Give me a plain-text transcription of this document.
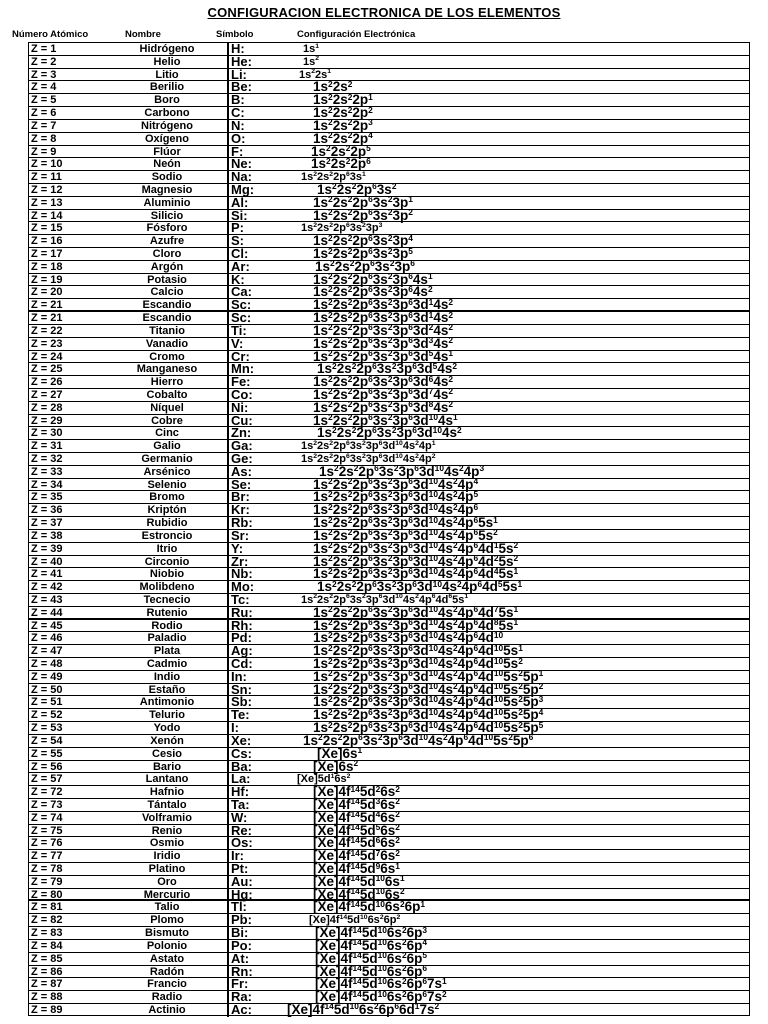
CONFIGURACION ELECTRONICA DE LOS ELEMENTOS
Número Atómico	Nombre	Símbolo	Configuración Electrónica
Z = 1	Hidrógeno	H:	$1s^1$
Z = 2	Helio	He:	$1s^2$
Z = 3	Litio	Li:	$1s^22s^1$
Z = 4	Berilio	Be:	$1s^22s^2$
Z = 5	Boro	B:	$1s^22s^22p^1$
Z = 6	Carbono	C:	$1s^22s^22p^2$
Z = 7	Nitrógeno	N:	$1s^22s^22p^3$
Z = 8	Oxígeno	O:	$1s^22s^22p^4$
Z = 9	Flúor	F:	$1s^22s^22p^5$
Z = 10	Neón	Ne:	$1s^22s^22p^6$
Z = 11	Sodio	Na:	$1s^22s^22p^63s^1$
Z = 12	Magnesio	Mg:	$1s^22s^22p^63s^2$
Z = 13	Aluminio	Al:	$1s^22s^22p^63s^23p^1$
Z = 14	Silicio	Si:	$1s^22s^22p^63s^23p^2$
Z = 15	Fósforo	P:	$1s^22s^22p^63s^23p^3$
Z = 16	Azufre	S:	$1s^22s^22p^63s^23p^4$
Z = 17	Cloro	Cl:	$1s^22s^22p^63s^23p^5$
Z = 18	Argón	Ar:	$1s^22s^22p^63s^23p^6$
Z = 19	Potasio	K:	$1s^22s^22p^63s^23p^64s^1$
Z = 20	Calcio	Ca:	$1s^22s^22p^63s^23p^64s^2$
Z = 21	Escandio	Sc:	$1s^22s^22p^63s^23p^63d^14s^2$
Z = 21	Escandio	Sc:	$1s^22s^22p^63s^23p^63d^14s^2$
Z = 22	Titanio	Ti:	$1s^22s^22p^63s^23p^63d^24s^2$
Z = 23	Vanadio	V:	$1s^22s^22p^63s^23p^63d^34s^2$
Z = 24	Cromo	Cr:	$1s^22s^22p^63s^23p^63d^54s^1$
Z = 25	Manganeso	Mn:	$1s^22s^22p^63s^23p^63d^54s^2$
Z = 26	Hierro	Fe:	$1s^22s^22p^63s^23p^63d^64s^2$
Z = 27	Cobalto	Co:	$1s^22s^22p^63s^23p^63d^74s^2$
Z = 28	Níquel	Ni:	$1s^22s^22p^63s^23p^63d^84s^2$
Z = 29	Cobre	Cu:	$1s^22s^22p^63s^23p^63d^{10}4s^1$
Z = 30	Cinc	Zn:	$1s^22s^22p^63s^23p^63d^{10}4s^2$
Z = 31	Galio	Ga:	$1s^22s^22p^63s^23p^63d^{10}4s^24p^1$
Z = 32	Germanio	Ge:	$1s^22s^22p^63s^23p^63d^{10}4s^24p^2$
Z = 33	Arsénico	As:	$1s^22s^22p^63s^23p^63d^{10}4s^24p^3$
Z = 34	Selenio	Se:	$1s^22s^22p^63s^23p^63d^{10}4s^24p^4$
Z = 35	Bromo	Br:	$1s^22s^22p^63s^23p^63d^{10}4s^24p^5$
Z = 36	Kriptón	Kr:	$1s^22s^22p^63s^23p^63d^{10}4s^24p^6$
Z = 37	Rubidio	Rb:	$1s^22s^22p^63s^23p^63d^{10}4s^24p^65s^1$
Z = 38	Estroncio	Sr:	$1s^22s^22p^63s^23p^63d^{10}4s^24p^65s^2$
Z = 39	Itrio	Y:	$1s^22s^22p^63s^23p^63d^{10}4s^24p^64d^15s^2$
Z = 40	Circonio	Zr:	$1s^22s^22p^63s^23p^63d^{10}4s^24p^64d^25s^2$
Z = 41	Niobio	Nb:	$1s^22s^22p^63s^23p^63d^{10}4s^24p^64d^45s^1$
Z = 42	Molibdeno	Mo:	$1s^22s^22p^63s^23p^63d^{10}4s^24p^64d^55s^1$
Z = 43	Tecnecio	Tc:	$1s^22s^22p^63s^23p^63d^{10}4s^24p^64d^65s^1$
Z = 44	Rutenio	Ru:	$1s^22s^22p^63s^23p^63d^{10}4s^24p^64d^75s^1$
Z = 45	Rodio	Rh:	$1s^22s^22p^63s^23p^63d^{10}4s^24p^64d^85s^1$
Z = 46	Paladio	Pd:	$1s^22s^22p^63s^23p^63d^{10}4s^24p^64d^{10}$
Z = 47	Plata	Ag:	$1s^22s^22p^63s^23p^63d^{10}4s^24p^64d^{10}5s^1$
Z = 48	Cadmio	Cd:	$1s^22s^22p^63s^23p^63d^{10}4s^24p^64d^{10}5s^2$
Z = 49	Indio	In:	$1s^22s^22p^63s^23p^63d^{10}4s^24p^64d^{10}5s^25p^1$
Z = 50	Estaño	Sn:	$1s^22s^22p^63s^23p^63d^{10}4s^24p^64d^{10}5s^25p^2$
Z = 51	Antimonio	Sb:	$1s^22s^22p^63s^23p^63d^{10}4s^24p^64d^{10}5s^25p^3$
Z = 52	Telurio	Te:	$1s^22s^22p^63s^23p^63d^{10}4s^24p^64d^{10}5s^25p^4$
Z = 53	Yodo	I:	$1s^22s^22p^63s^23p^63d^{10}4s^24p^64d^{10}5s^25p^5$
Z = 54	Xenón	Xe:	$1s^22s^22p^63s^23p^63d^{10}4s^24p^64d^{10}5s^25p^6$
Z = 55	Cesio	Cs:	$[Xe]6s^1$
Z = 56	Bario	Ba:	$[Xe]6s^2$
Z = 57	Lantano	La:	$[Xe]5d^16s^2$
Z = 72	Hafnio	Hf:	$[Xe]4f^{14}5d^26s^2$
Z = 73	Tántalo	Ta:	$[Xe]4f^{14}5d^36s^2$
Z = 74	Volframio	W:	$[Xe]4f^{14}5d^46s^2$
Z = 75	Renio	Re:	$[Xe]4f^{14}5d^56s^2$
Z = 76	Osmio	Os:	$[Xe]4f^{14}5d^66s^2$
Z = 77	Iridio	Ir:	$[Xe]4f^{14}5d^76s^2$
Z = 78	Platino	Pt:	$[Xe]4f^{14}5d^96s^1$
Z = 79	Oro	Au:	$[Xe]4f^{14}5d^{10}6s^1$
Z = 80	Mercurio	Hg:	$[Xe]4f^{14}5d^{10}6s^2$
Z = 81	Talio	Tl:	$[Xe]4f^{14}5d^{10}6s^26p^1$
Z = 82	Plomo	Pb:	$[Xe]4f^{14}5d^{10}6s^26p^2$
Z = 83	Bismuto	Bi:	$[Xe]4f^{14}5d^{10}6s^26p^3$
Z = 84	Polonio	Po:	$[Xe]4f^{14}5d^{10}6s^26p^4$
Z = 85	Astato	At:	$[Xe]4f^{14}5d^{10}6s^26p^5$
Z = 86	Radón	Rn:	$[Xe]4f^{14}5d^{10}6s^26p^6$
Z = 87	Francio	Fr:	$[Xe]4f^{14}5d^{10}6s^26p^67s^1$
Z = 88	Radio	Ra:	$[Xe]4f^{14}5d^{10}6s^26p^67s^2$
Z = 89	Actinio	Ac:	$[Xe]4f^{14}5d^{10}6s^26p^66d^17s^2$
